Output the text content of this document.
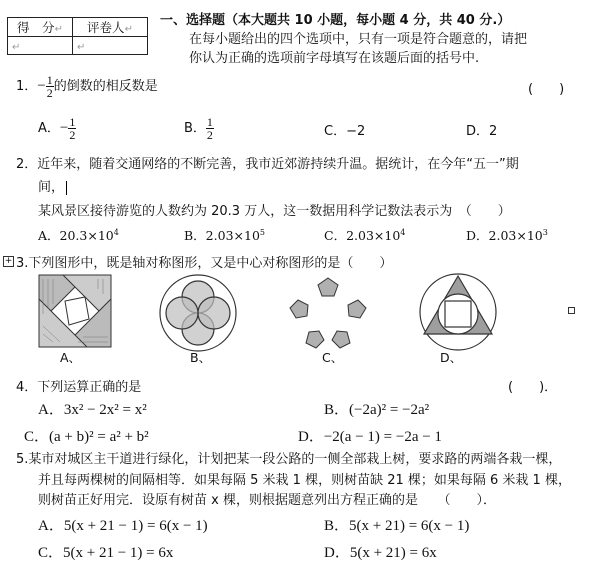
得　分↵	评卷人↵
↵	↵
一、选择题（本大题共 10 小题，每小题 4 分，共 40 分.）
在每小题给出的四个选项中，只有一项是符合题意的，请把
你认为正确的选项前字母填写在该题后面的括号中.
1．− $\frac{1}{2}$ 的倒数的相反数是	(　　)
A．− $\frac{1}{2}$	B． $\frac{1}{2}$	C．−2	D．2
2．近年来，随着交通网络的不断完善，我市近郊游持续升温。据统计，在今年“五一”期
间，
某风景区接待游览的人数约为 20.3 万人，这一数据用科学记数法表示为　（　　）
A．$20.3\times 10^4$	B．$2.03\times 10^5$	C．$2.03\times 10^4$	D．$2.03\times 10^3$
+ 3.下列图形中，既是轴对称图形，又是中心对称图形的是（　　）
A、	B、	C、	D、
4．下列运算正确的是	(　　)．
A．3x² − 2x² = x²	B．(−2a)² = −2a²
C．(a + b)² = a² + b²	D．−2(a − 1) = −2a − 1
5.某市对城区主干道进行绿化，计划把某一段公路的一侧全部栽上树，要求路的两端各栽一棵，
并且每两棵树的间隔相等．如果每隔 5 米栽 1 棵，则树苗缺 21 棵；如果每隔 6 米栽 1 棵，
则树苗正好用完．设原有树苗 x 棵，则根据题意列出方程正确的是　　（　　）．
A．5(x + 21 − 1) = 6(x − 1)	B．5(x + 21) = 6(x − 1)
C．5(x + 21 − 1) = 6x	D．5(x + 21) = 6x
